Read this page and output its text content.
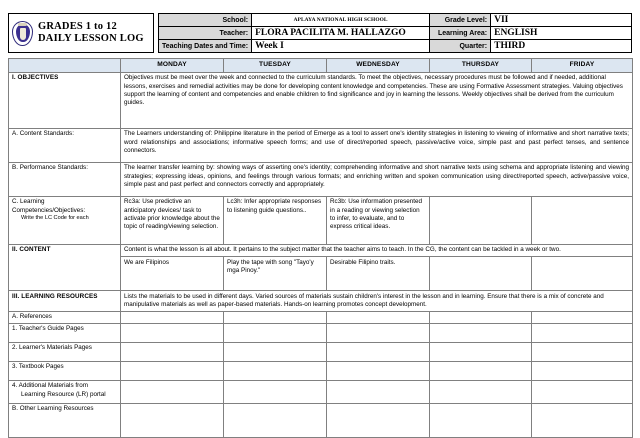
GRADES 1 to 12
DAILY LESSON LOG
School:	APLAYA NATIONAL HIGH SCHOOL	Grade Level:	VII
Teacher:	FLORA PACILITA M. HALLAZGO	Learning Area:	ENGLISH
Teaching Dates and Time:	Week I	Quarter:	THIRD
	MONDAY	TUESDAY	WEDNESDAY	THURSDAY	FRIDAY
I. OBJECTIVES	Objectives must be meet over the week and connected to the curriculum standards. To meet the objectives, necessary procedures must be followed and if needed, additional lessons, exercises and remedial activities may be done for developing content knowledge and competencies. These are using Formative Assessment strategies. Valuing objectives support the learning of content and competencies and enable children to find significance and joy in learning the lessons. Weekly objectives shall be derived from the curriculum guides.				
A. Content Standards:	The Learners understanding of: Philippine literature in the period of Emerge as a tool to assert one's identity strategies in listening to viewing of informative and short narrative texts; word relationships and associations; informative speech forms; and use of direct/reported speech, passive/active voice, simple past and past perfect tenses, and sentence connectors.				
B. Performance Standards:	The learner transfer learning by: showing ways of asserting one's identity; comprehending informative and short narrative texts using schema and appropriate listening and viewing strategies; expressing ideas, opinions, and feelings through various formats; and enriching written and spoken communication using direct/reported speech, active/passive voice, simple past and past perfect and connectors correctly and appropriately.				
C. Learning Competencies/Objectives:
Write the LC Code for each	Rc3a: Use predictive an anticipatory devices/ task to activate prior knowledge about the topic of reading/viewing selection.	Lc3h: Infer appropriate responses to listening guide questions..	Rc3b: Use information presented in a reading or viewing selection to infer, to evaluate, and to express critical ideas.		
II. CONTENT	Content is what the lesson is all about. It pertains to the subject matter that the teacher aims to teach. In the CG, the content can be tackled in a week or two.				
	We are Filipinos	Play the tape with song "Tayo'y mga Pinoy."	Desirable Filipino traits.		
III. LEARNING RESOURCES	Lists the materials to be used in different days. Varied sources of materials sustain children's interest in the lesson and in learning. Ensure that there is a mix of concrete and manipulative materials as well as paper-based materials. Hands-on learning promotes concept development.				
A. References					
1. Teacher's Guide Pages					
2. Learner's Materials Pages					
3. Textbook Pages					
4. Additional Materials from
Learning Resource (LR) portal					
B. Other Learning Resources					
